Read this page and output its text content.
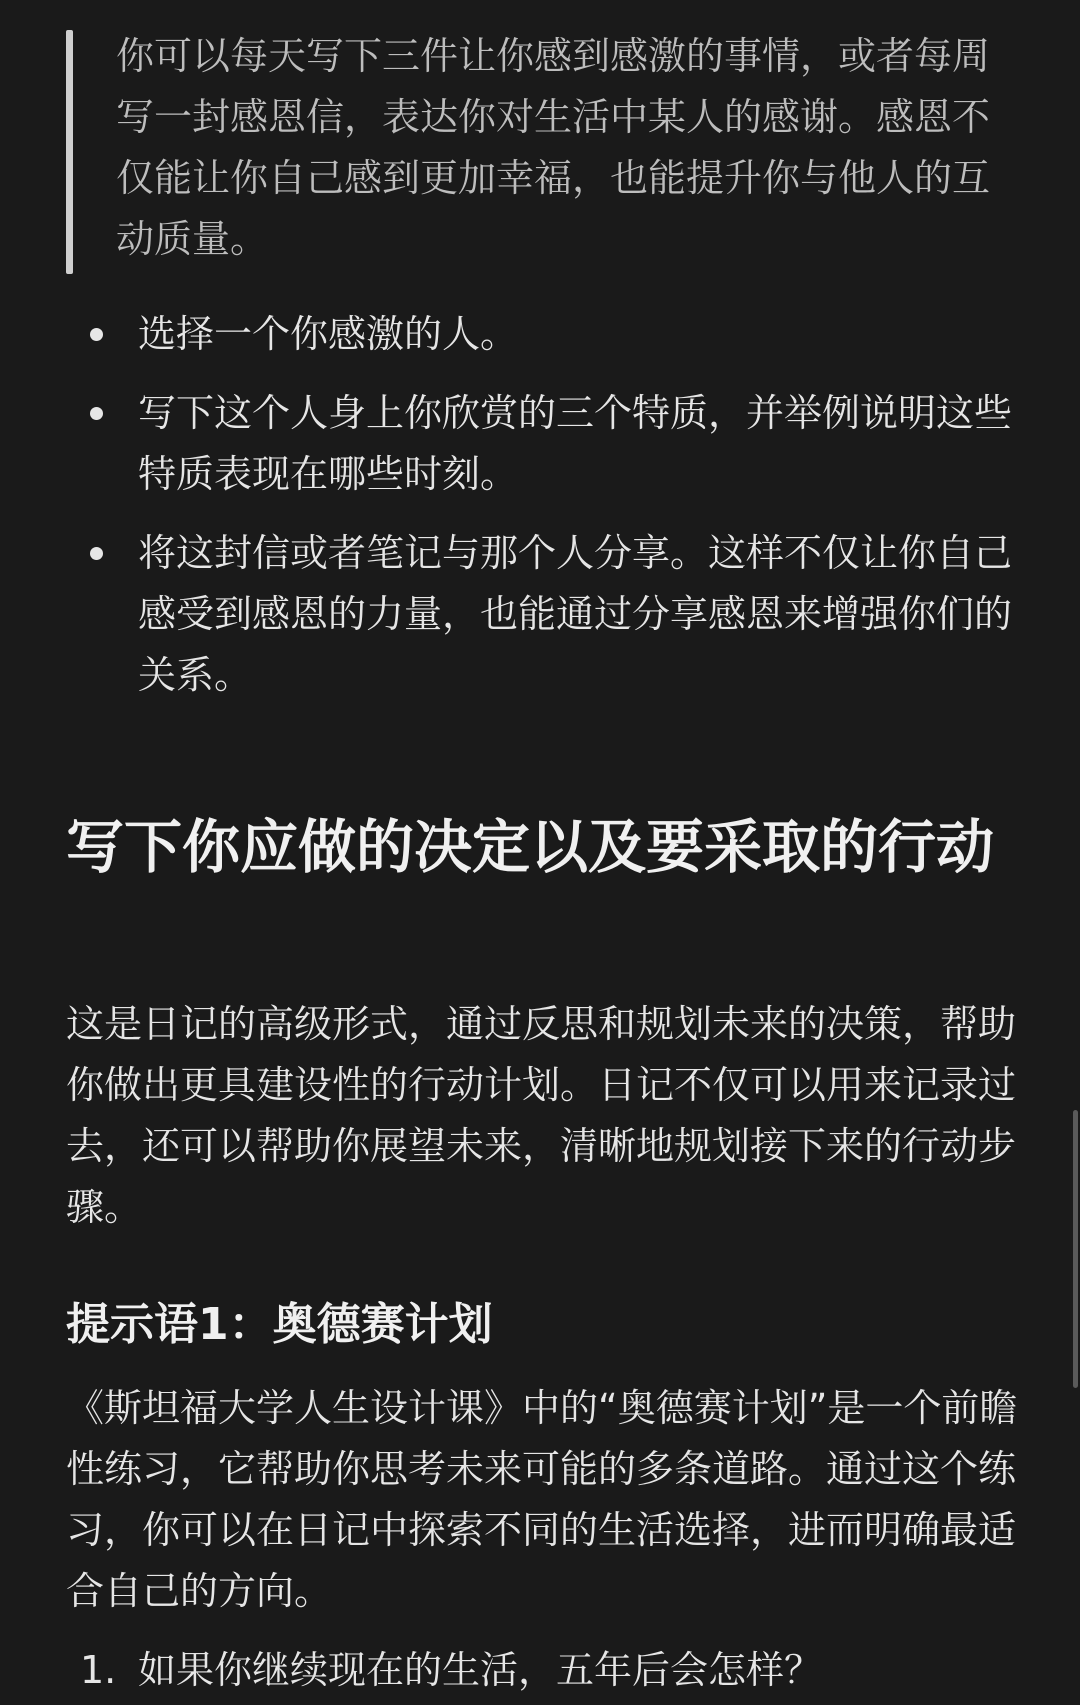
你可以每天写下三件让你感到感激的事情，或者每周写一封感恩信，表达你对生活中某人的感谢。感恩不仅能让你自己感到更加幸福，也能提升你与他人的互动质量。
选择一个你感激的人。
写下这个人身上你欣赏的三个特质，并举例说明这些特质表现在哪些时刻。
将这封信或者笔记与那个人分享。这样不仅让你自己感受到感恩的力量，也能通过分享感恩来增强你们的关系。
写下你应做的决定以及要采取的行动

这是日记的高级形式，通过反思和规划未来的决策，帮助你做出更具建设性的行动计划。日记不仅可以用来记录过去，还可以帮助你展望未来，清晰地规划接下来的行动步骤。

提示语1：奥德赛计划

《斯坦福大学人生设计课》中的“奥德赛计划”是一个前瞻性练习，它帮助你思考未来可能的多条道路。通过这个练习，你可以在日记中探索不同的生活选择，进而明确最适合自己的方向。

1. 如果你继续现在的生活，五年后会怎样？
